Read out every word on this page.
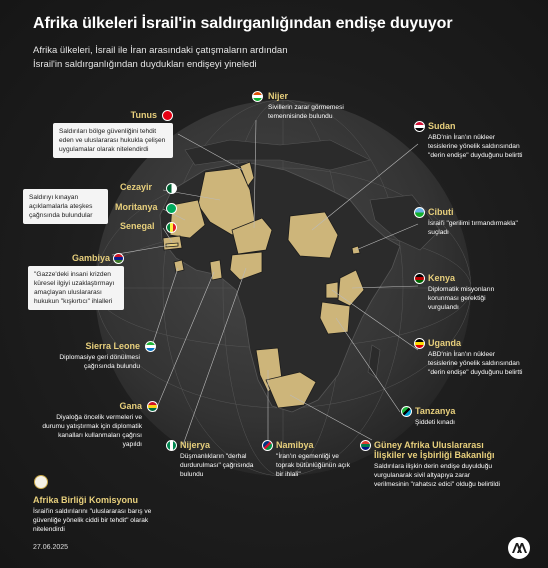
Afrika ülkeleri İsrail'in saldırganlığından endişe duyuyor
Afrika ülkeleri, İsrail ile İran arasındaki çatışmaların ardından
İsrail'in saldırganlığından duydukları endişeyi yineledi
Nijer
Sivillerin zarar görmemesi temennisinde bulundu
Tunus
Saldırıları bölge güvenliğini tehdit eden ve uluslararası hukukla çelişen uygulamalar olarak nitelendirdi
Sudan
ABD'nin İran'ın nükleer tesislerine yönelik saldırısından "derin endişe" duyduğunu belirtti
Cezayir
Moritanya
Senegal
Saldırıyı kınayan açıklamalarla ateşkes çağrısında bulundular	Cibuti
İsrail'i "gerilimi tırmandırmakla" suçladı
Gambiya
"Gazze'deki insani krizden küresel ilgiyi uzaklaştırmayı amaçlayan uluslararası hukukun "kışkırtıcı" ihlalleri
Kenya
Diplomatik misyonların korunması gerektiği vurgulandı
Sierra Leone
Diplomasiye geri dönülmesi çağrısında bulundu
Uganda
ABD'nin İran'ın nükleer tesislerine yönelik saldırısından "derin endişe" duyduğunu belirtti
Gana
Diyaloğa öncelik vermeleri ve durumu yatıştırmak için diplomatik kanalları kullanmaları çağrısı yapıldı
Tanzanya
Şiddeti kınadı
Nijerya
Düşmanlıkların "derhal durdurulması" çağrısında bulundu
Namibya
"İran'ın egemenliği ve toprak bütünlüğünün açık bir ihlali"
Güney Afrika Uluslararası
İlişkiler ve İşbirliği Bakanlığı
Saldırılara ilişkin derin endişe duyulduğu vurgulanarak sivil altyapıya zarar verilmesinin "rahatsız edici" olduğu belirtildi
Afrika Birliği Komisyonu
İsrail'in saldırılarını "uluslararası barış ve güvenliğe yönelik ciddi bir tehdit" olarak nitelendirdi
27.06.2025
